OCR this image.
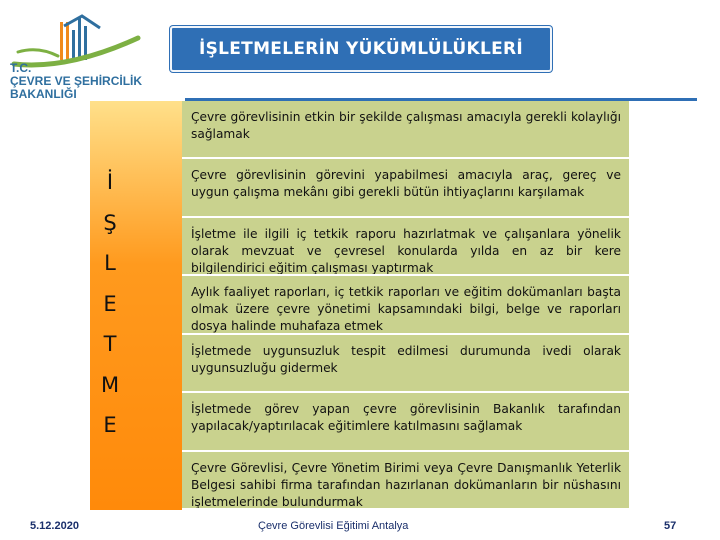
T.C.
ÇEVRE VE ŞEHİRCİLİK
BAKANLIĞI
İŞLETMELERİN YÜKÜMLÜLÜKLERİ
İ
Ş
L
E
T
M
E
Çevre görevlisinin etkin bir şekilde çalışması amacıyla gerekli kolaylığı sağlamak
Çevre görevlisinin görevini yapabilmesi amacıyla araç, gereç ve uygun çalışma mekânı gibi gerekli bütün ihtiyaçlarını karşılamak
İşletme ile ilgili iç tetkik raporu hazırlatmak ve çalışanlara yönelik olarak mevzuat ve çevresel konularda yılda en az bir kere bilgilendirici eğitim çalışması yaptırmak
Aylık faaliyet raporları, iç tetkik raporları ve eğitim dokümanları başta olmak üzere çevre yönetimi kapsamındaki bilgi, belge ve raporları dosya halinde muhafaza etmek
İşletmede uygunsuzluk tespit edilmesi durumunda ivedi olarak uygunsuzluğu gidermek
İşletmede görev yapan çevre görevlisinin Bakanlık tarafından yapılacak/yaptırılacak eğitimlere katılmasını sağlamak
Çevre Görevlisi, Çevre Yönetim Birimi veya Çevre Danışmanlık Yeterlik Belgesi sahibi firma tarafından hazırlanan dokümanların bir nüshasını işletmelerinde bulundurmak
5.12.2020	Çevre Görevlisi Eğitimi Antalya	57
